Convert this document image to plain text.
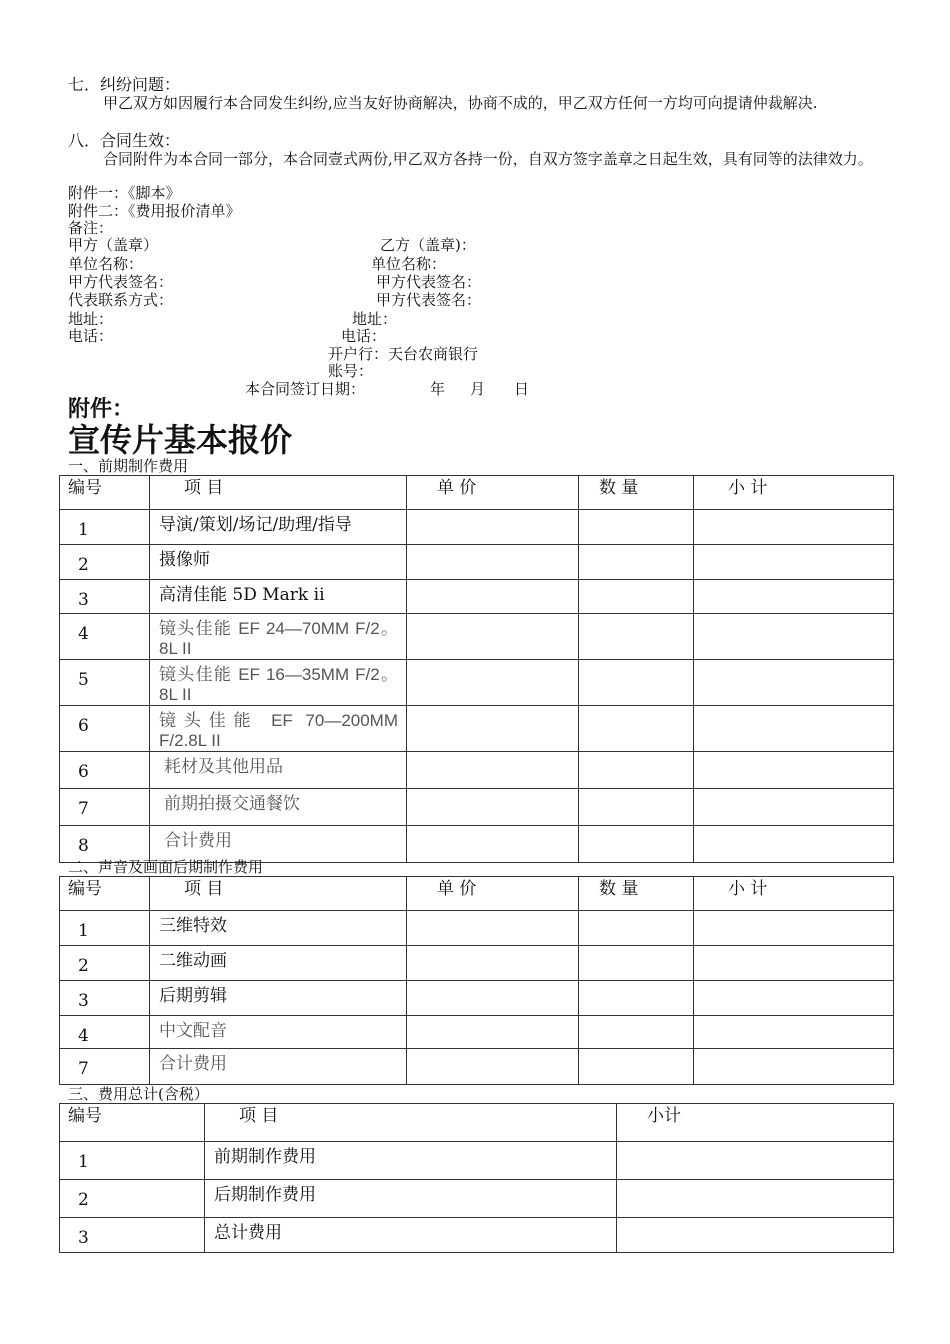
七．纠纷问题：
甲乙双方如因履行本合同发生纠纷,应当友好协商解决，协商不成的，甲乙双方任何一方均可向提请仲裁解决.
八．合同生效：
合同附件为本合同一部分，本合同壹式两份,甲乙双方各持一份，自双方签字盖章之日起生效，具有同等的法律效力。
附件一：《脚本》
附件二：《费用报价清单》
备注：
甲方（盖章）	乙方（盖章)：
单位名称：	单位名称：
甲方代表签名：	甲方代表签名：
代表联系方式：	甲方代表签名：
地址：	地址：
电话：	电话：
开户行：天台农商银行
账号：
本合同签订日期：	年 月 日
附件：
宣传片基本报价
一、前期制作费用
编号	项 目	单 价	数 量	小 计

1	导演/策划/场记/助理/指导			

2	摄像师			

3	高清佳能 5D Mark ii			

4	镜头佳能 EF 24—70MM F/2。8L II			

5	镜头佳能 EF 16—35MM F/2。8L II			

6	镜头佳能 EF 70—200MM F/2.8L II			

6	耗材及其他用品			

7	前期拍摄交通餐饮			

8	合计费用			

二、声音及画面后期制作费用
编号	项 目	单 价	数 量	小 计

1	三维特效			

2	二维动画			

3	后期剪辑			

4	中文配音			

7	合计费用			

三、费用总计(含税）
编号	项 目	小计

1	前期制作费用	

2	后期制作费用	

3	总计费用	
